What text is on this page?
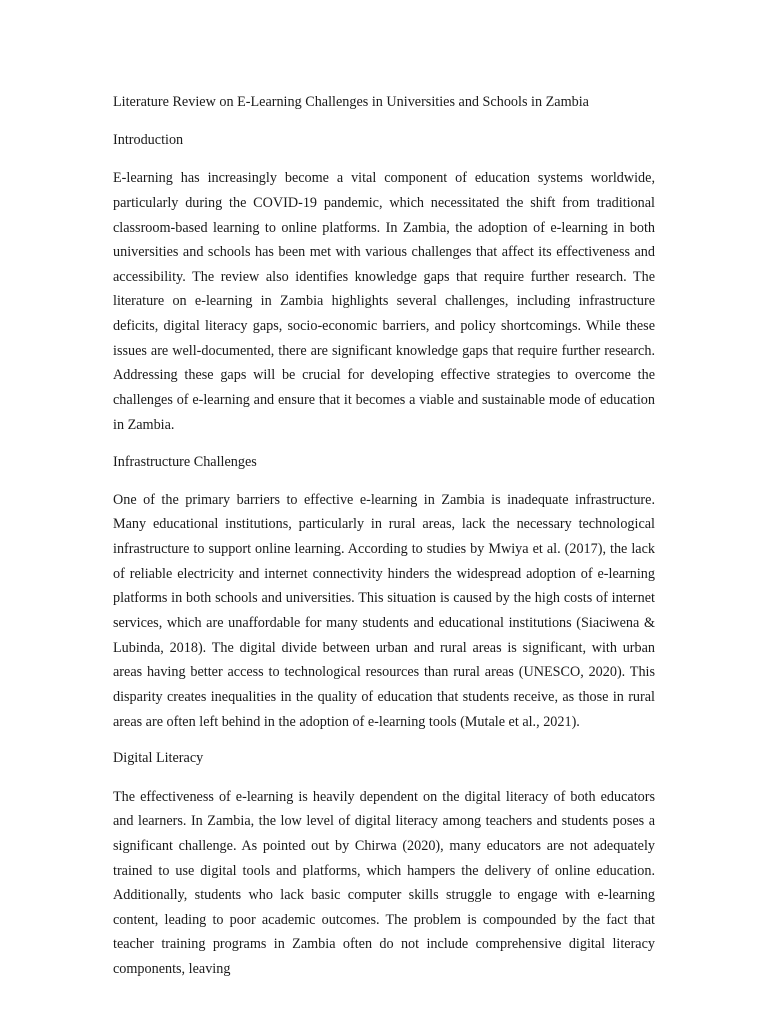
Literature Review on E-Learning Challenges in Universities and Schools in Zambia

Introduction

E-learning has increasingly become a vital component of education systems worldwide, particularly during the COVID-19 pandemic, which necessitated the shift from traditional classroom-based learning to online platforms. In Zambia, the adoption of e-learning in both universities and schools has been met with various challenges that affect its effectiveness and accessibility. The review also identifies knowledge gaps that require further research. The literature on e-learning in Zambia highlights several challenges, including infrastructure deficits, digital literacy gaps, socio-economic barriers, and policy shortcomings. While these issues are well-documented, there are significant knowledge gaps that require further research. Addressing these gaps will be crucial for developing effective strategies to overcome the challenges of e-learning and ensure that it becomes a viable and sustainable mode of education in Zambia.

Infrastructure Challenges

One of the primary barriers to effective e-learning in Zambia is inadequate infrastructure. Many educational institutions, particularly in rural areas, lack the necessary technological infrastructure to support online learning. According to studies by Mwiya et al. (2017), the lack of reliable electricity and internet connectivity hinders the widespread adoption of e-learning platforms in both schools and universities. This situation is caused by the high costs of internet services, which are unaffordable for many students and educational institutions (Siaciwena & Lubinda, 2018). The digital divide between urban and rural areas is significant, with urban areas having better access to technological resources than rural areas (UNESCO, 2020). This disparity creates inequalities in the quality of education that students receive, as those in rural areas are often left behind in the adoption of e-learning tools (Mutale et al., 2021).

Digital Literacy

The effectiveness of e-learning is heavily dependent on the digital literacy of both educators and learners. In Zambia, the low level of digital literacy among teachers and students poses a significant challenge. As pointed out by Chirwa (2020), many educators are not adequately trained to use digital tools and platforms, which hampers the delivery of online education. Additionally, students who lack basic computer skills struggle to engage with e-learning content, leading to poor academic outcomes. The problem is compounded by the fact that teacher training programs in Zambia often do not include comprehensive digital literacy components, leaving
